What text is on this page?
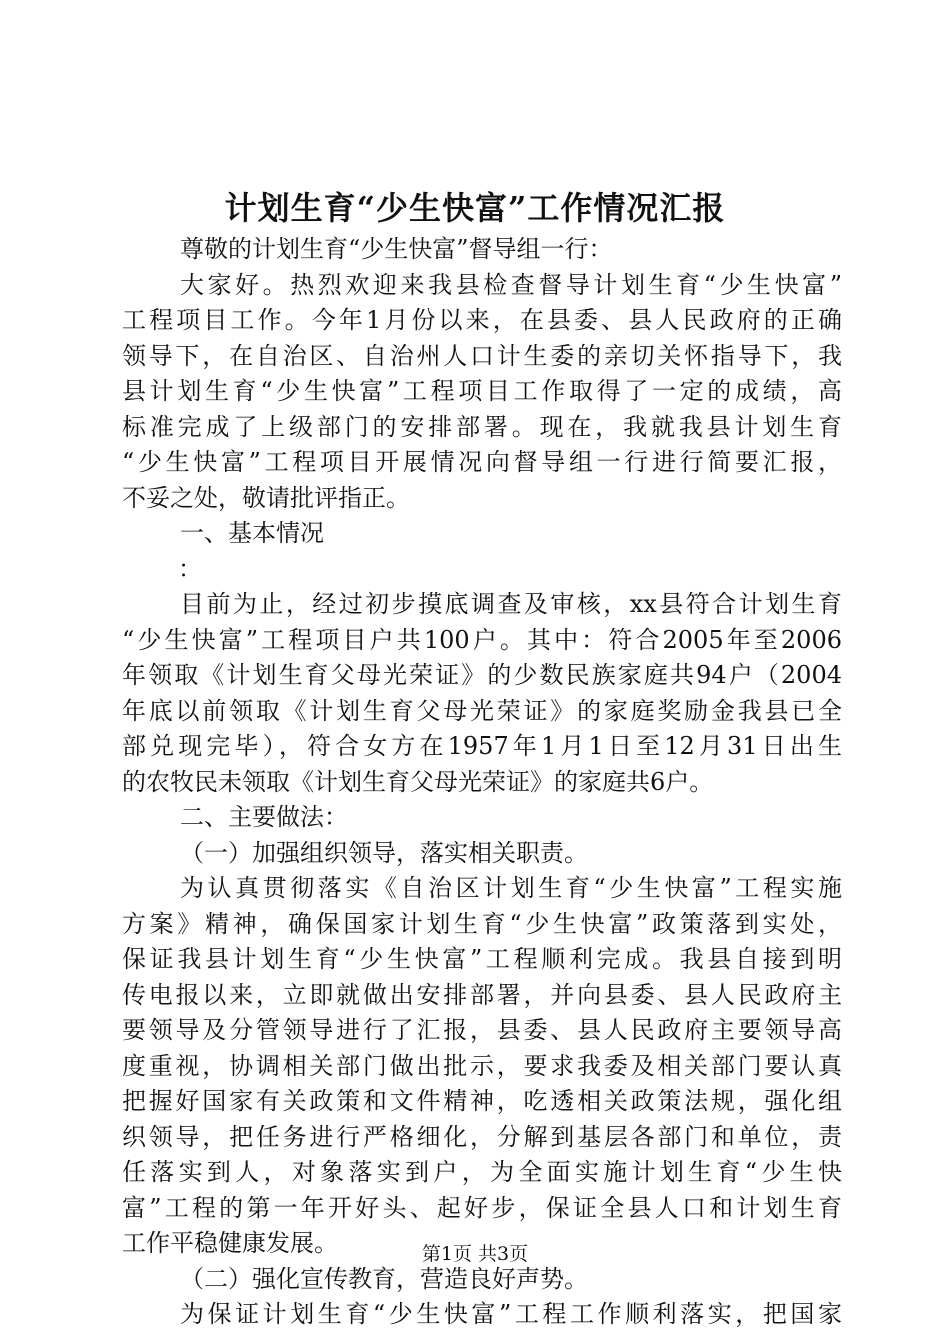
计划生育“少生快富”工作情况汇报
尊敬的计划生育“少生快富”督导组一行：
大家好。热烈欢迎来我县检查督导计划生育“少生快富”
工程项目工作。今年1月份以来，在县委、县人民政府的正确
领导下，在自治区、自治州人口计生委的亲切关怀指导下，我
县计划生育“少生快富”工程项目工作取得了一定的成绩，高
标准完成了上级部门的安排部署。现在，我就我县计划生育
“少生快富”工程项目开展情况向督导组一行进行简要汇报，
不妥之处，敬请批评指正。
一、基本情况
：
目前为止，经过初步摸底调查及审核，xx县符合计划生育
“少生快富”工程项目户共100户。其中：符合2005年至2006
年领取《计划生育父母光荣证》的少数民族家庭共94户（2004
年底以前领取《计划生育父母光荣证》的家庭奖励金我县已全
部兑现完毕），符合女方在1957年1月1日至12月31日出生
的农牧民未领取《计划生育父母光荣证》的家庭共6户。
二、主要做法：
（一）加强组织领导，落实相关职责。
为认真贯彻落实《自治区计划生育“少生快富”工程实施
方案》精神，确保国家计划生育“少生快富”政策落到实处，
保证我县计划生育“少生快富”工程顺利完成。我县自接到明
传电报以来，立即就做出安排部署，并向县委、县人民政府主
要领导及分管领导进行了汇报，县委、县人民政府主要领导高
度重视，协调相关部门做出批示，要求我委及相关部门要认真
把握好国家有关政策和文件精神，吃透相关政策法规，强化组
织领导，把任务进行严格细化，分解到基层各部门和单位，责
任落实到人，对象落实到户，为全面实施计划生育“少生快
富”工程的第一年开好头、起好步，保证全县人口和计划生育
工作平稳健康发展。
（二）强化宣传教育，营造良好声势。
为保证计划生育“少生快富”工程工作顺利落实，把国家
第1页 共3页
